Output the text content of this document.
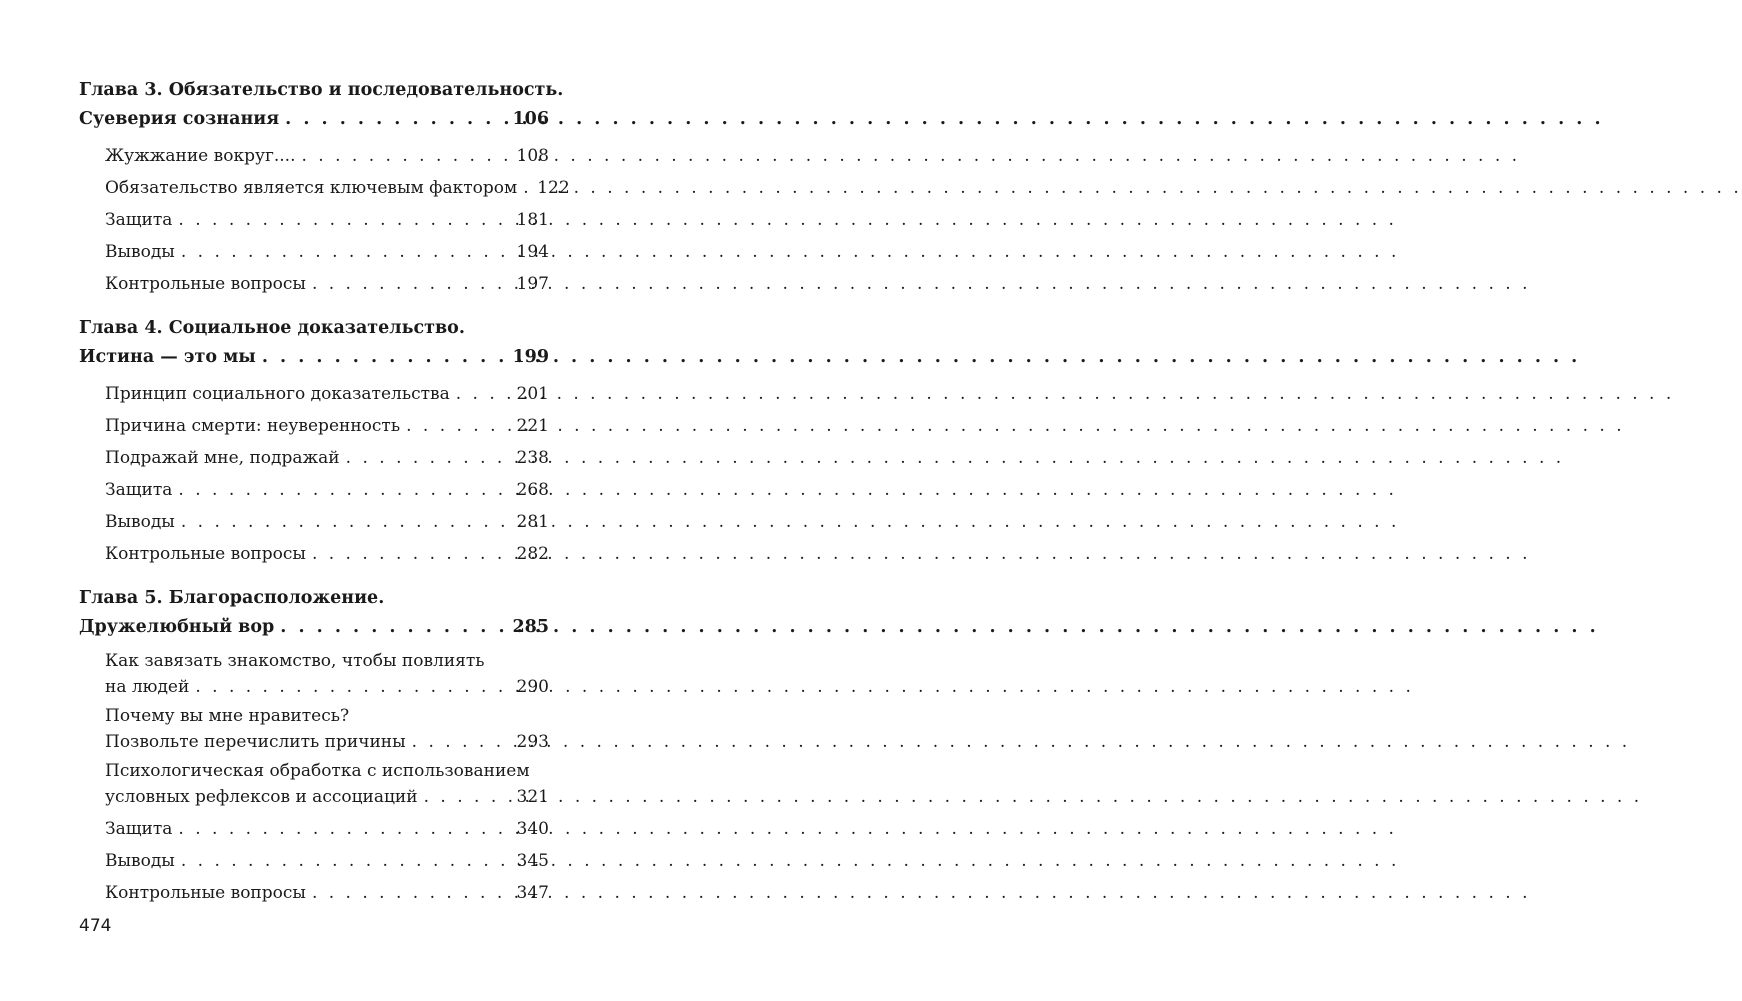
Глава 3. Обязательство и последовательность.
Суеверия сознания . . .	106
Жужжание вокруг.... . . .	108
Обязательство является ключевым фактором . . . 122
Защита . . .	181
Выводы . . .	194
Контрольные вопросы . . .	197
Глава 4. Социальное доказательство.
Истина — это мы . . .	199
Принцип социального доказательства . . .	201
Причина смерти: неуверенность . . .	221
Подражай мне, подражай . . .	238
Защита . . .	268
Выводы . . .	281
Контрольные вопросы . . .	282
Глава 5. Благорасположение.
Дружелюбный вор . . .	285
Как завязать знакомство, чтобы повлиять
на людей . . .	290
Почему вы мне нравитесь?
Позвольте перечислить причины . . .	293
Психологическая обработка с использованием
условных рефлексов и ассоциаций . . .	321
Защита . . .	340
Выводы . . .	345
Контрольные вопросы . . .	347
474
